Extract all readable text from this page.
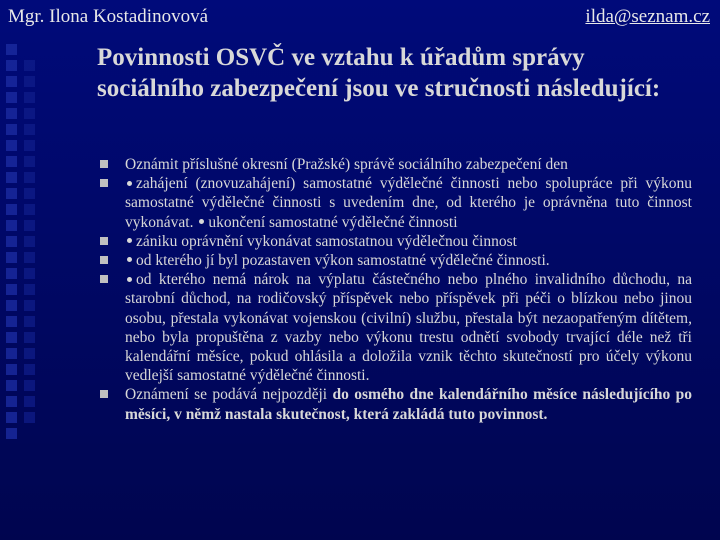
Mgr. Ilona Kostadinovová	ilda@seznam.cz
Povinnosti OSVČ ve vztahu k úřadům správy sociálního zabezpečení jsou ve stručnosti následující:
Oznámit příslušné okresní (Pražské) správě sociálního zabezpečení den
zahájení (znovuzahájení) samostatné výdělečné činnosti nebo spolupráce při výkonu samostatné výdělečné činnosti s uvedením dne, od kterého je oprávněna tuto činnost vykonávat. ukončení samostatné výdělečné činnosti
zániku oprávnění vykonávat samostatnou výdělečnou činnost
od kterého jí byl pozastaven výkon samostatné výdělečné činnosti.
od kterého nemá nárok na výplatu částečného nebo plného invalidního důchodu, na starobní důchod, na rodičovský příspěvek nebo příspěvek při péči o blízkou nebo jinou osobu, přestala vykonávat vojenskou (civilní) službu, přestala být nezaopatřeným dítětem, nebo byla propuštěna z vazby nebo výkonu trestu odnětí svobody trvající déle než tři kalendářní měsíce, pokud ohlásila a doložila vznik těchto skutečností pro účely výkonu vedlejší samostatné výdělečné činnosti.
Oznámení se podává nejpozději do osmého dne kalendářního měsíce následujícího po měsíci, v němž nastala skutečnost, která zakládá tuto povinnost.
